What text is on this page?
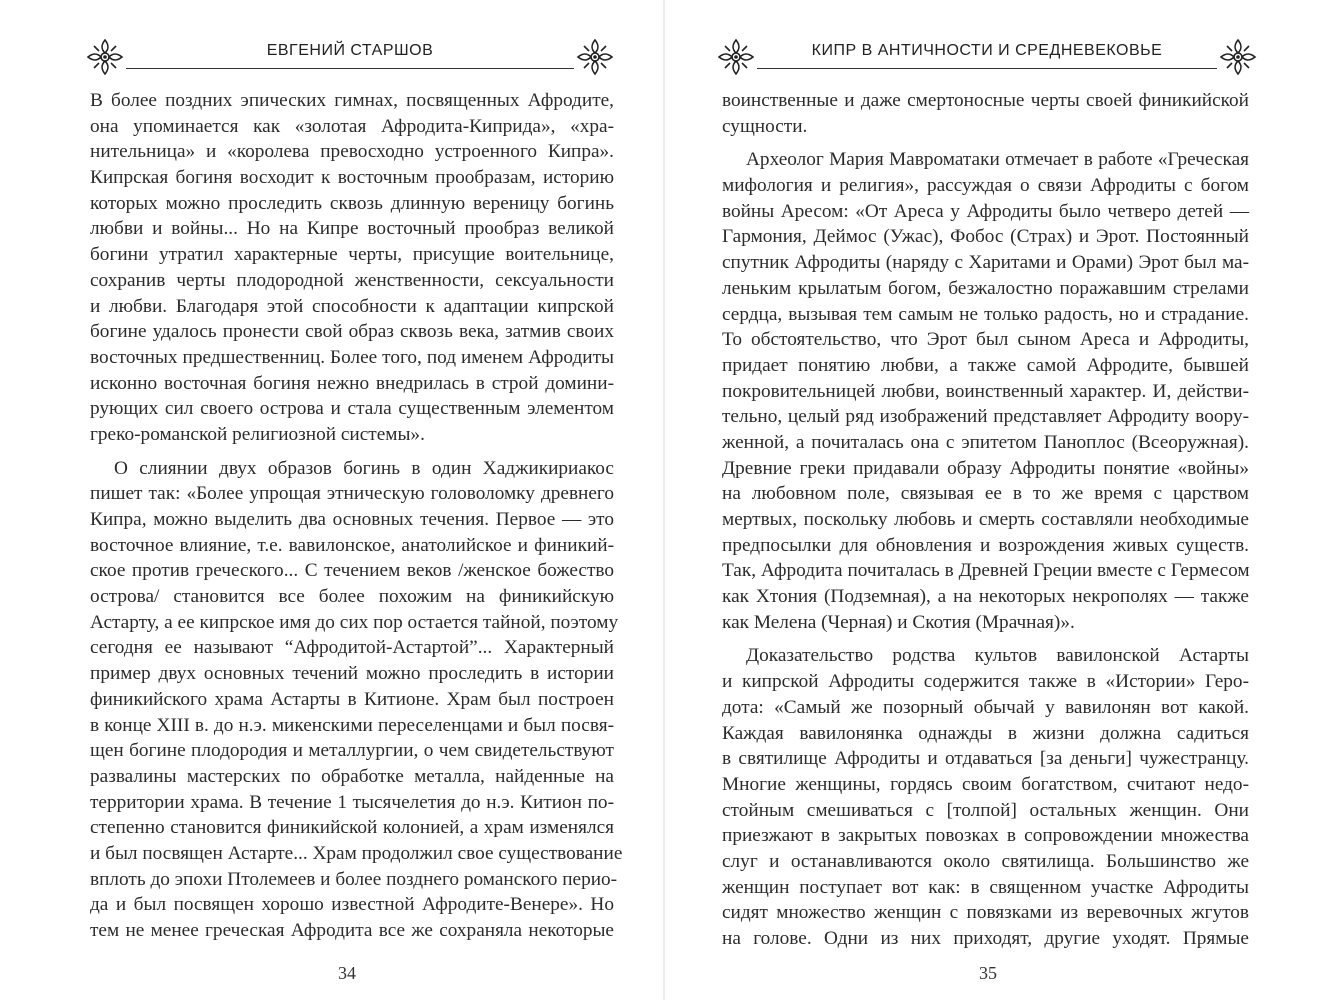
ЕВГЕНИЙ СТАРШОВ
В более поздних эпических гимнах, посвященных Афродите,
она упоминается как «золотая Афродита-Киприда», «хра-
нительница» и «королева превосходно устроенного Кипра».
Кипрская богиня восходит к восточным прообразам, историю
которых можно проследить сквозь длинную вереницу богинь
любви и войны... Но на Кипре восточный прообраз великой
богини утратил характерные черты, присущие воительнице,
сохранив черты плодородной женственности, сексуальности
и любви. Благодаря этой способности к адаптации кипрской
богине удалось пронести свой образ сквозь века, затмив своих
восточных предшественниц. Более того, под именем Афродиты
исконно восточная богиня нежно внедрилась в строй домини-
рующих сил своего острова и стала существенным элементом
греко-романской религиозной системы».
О слиянии двух образов богинь в один Хаджикириакос
пишет так: «Более упрощая этническую головоломку древнего
Кипра, можно выделить два основных течения. Первое — это
восточное влияние, т.е. вавилонское, анатолийское и финикий-
ское против греческого... С течением веков /женское божество
острова/ становится все более похожим на финикийскую
Астарту, а ее кипрское имя до сих пор остается тайной, поэтому
сегодня ее называют “Афродитой-Астартой”... Характерный
пример двух основных течений можно проследить в истории
финикийского храма Астарты в Китионе. Храм был построен
в конце XIII в. до н.э. микенскими переселенцами и был посвя-
щен богине плодородия и металлургии, о чем свидетельствуют
развалины мастерских по обработке металла, найденные на
территории храма. В течение 1 тысячелетия до н.э. Китион по-
степенно становится финикийской колонией, а храм изменялся
и был посвящен Астарте... Храм продолжил свое существование
вплоть до эпохи Птолемеев и более позднего романского перио-
да и был посвящен хорошо известной Афродите-Венере». Но
тем не менее греческая Афродита все же сохраняла некоторые
34
КИПР В АНТИЧНОСТИ И СРЕДНЕВЕКОВЬЕ
воинственные и даже смертоносные черты своей финикийской
сущности.
Археолог Мария Мавроматаки отмечает в работе «Греческая
мифология и религия», рассуждая о связи Афродиты с богом
войны Аресом: «От Ареса у Афродиты было четверо детей —
Гармония, Деймос (Ужас), Фобос (Страх) и Эрот. Постоянный
спутник Афродиты (наряду с Харитами и Орами) Эрот был ма-
леньким крылатым богом, безжалостно поражавшим стрелами
сердца, вызывая тем самым не только радость, но и страдание.
То обстоятельство, что Эрот был сыном Ареса и Афродиты,
придает понятию любви, а также самой Афродите, бывшей
покровительницей любви, воинственный характер. И, действи-
тельно, целый ряд изображений представляет Афродиту воору-
женной, а почиталась она с эпитетом Паноплос (Всеоружная).
Древние греки придавали образу Афродиты понятие «войны»
на любовном поле, связывая ее в то же время с царством
мертвых, поскольку любовь и смерть составляли необходимые
предпосылки для обновления и возрождения живых существ.
Так, Афродита почиталась в Древней Греции вместе с Гермесом
как Хтония (Подземная), а на некоторых некрополях — также
как Мелена (Черная) и Скотия (Мрачная)».
Доказательство родства культов вавилонской Астарты
и кипрской Афродиты содержится также в «Истории» Геро-
дота: «Самый же позорный обычай у вавилонян вот какой.
Каждая вавилонянка однажды в жизни должна садиться
в святилище Афродиты и отдаваться [за деньги] чужестранцу.
Многие женщины, гордясь своим богатством, считают недо-
стойным смешиваться с [толпой] остальных женщин. Они
приезжают в закрытых повозках в сопровождении множества
слуг и останавливаются около святилища. Большинство же
женщин поступает вот как: в священном участке Афродиты
сидят множество женщин с повязками из веревочных жгутов
на голове. Одни из них приходят, другие уходят. Прямые
35
